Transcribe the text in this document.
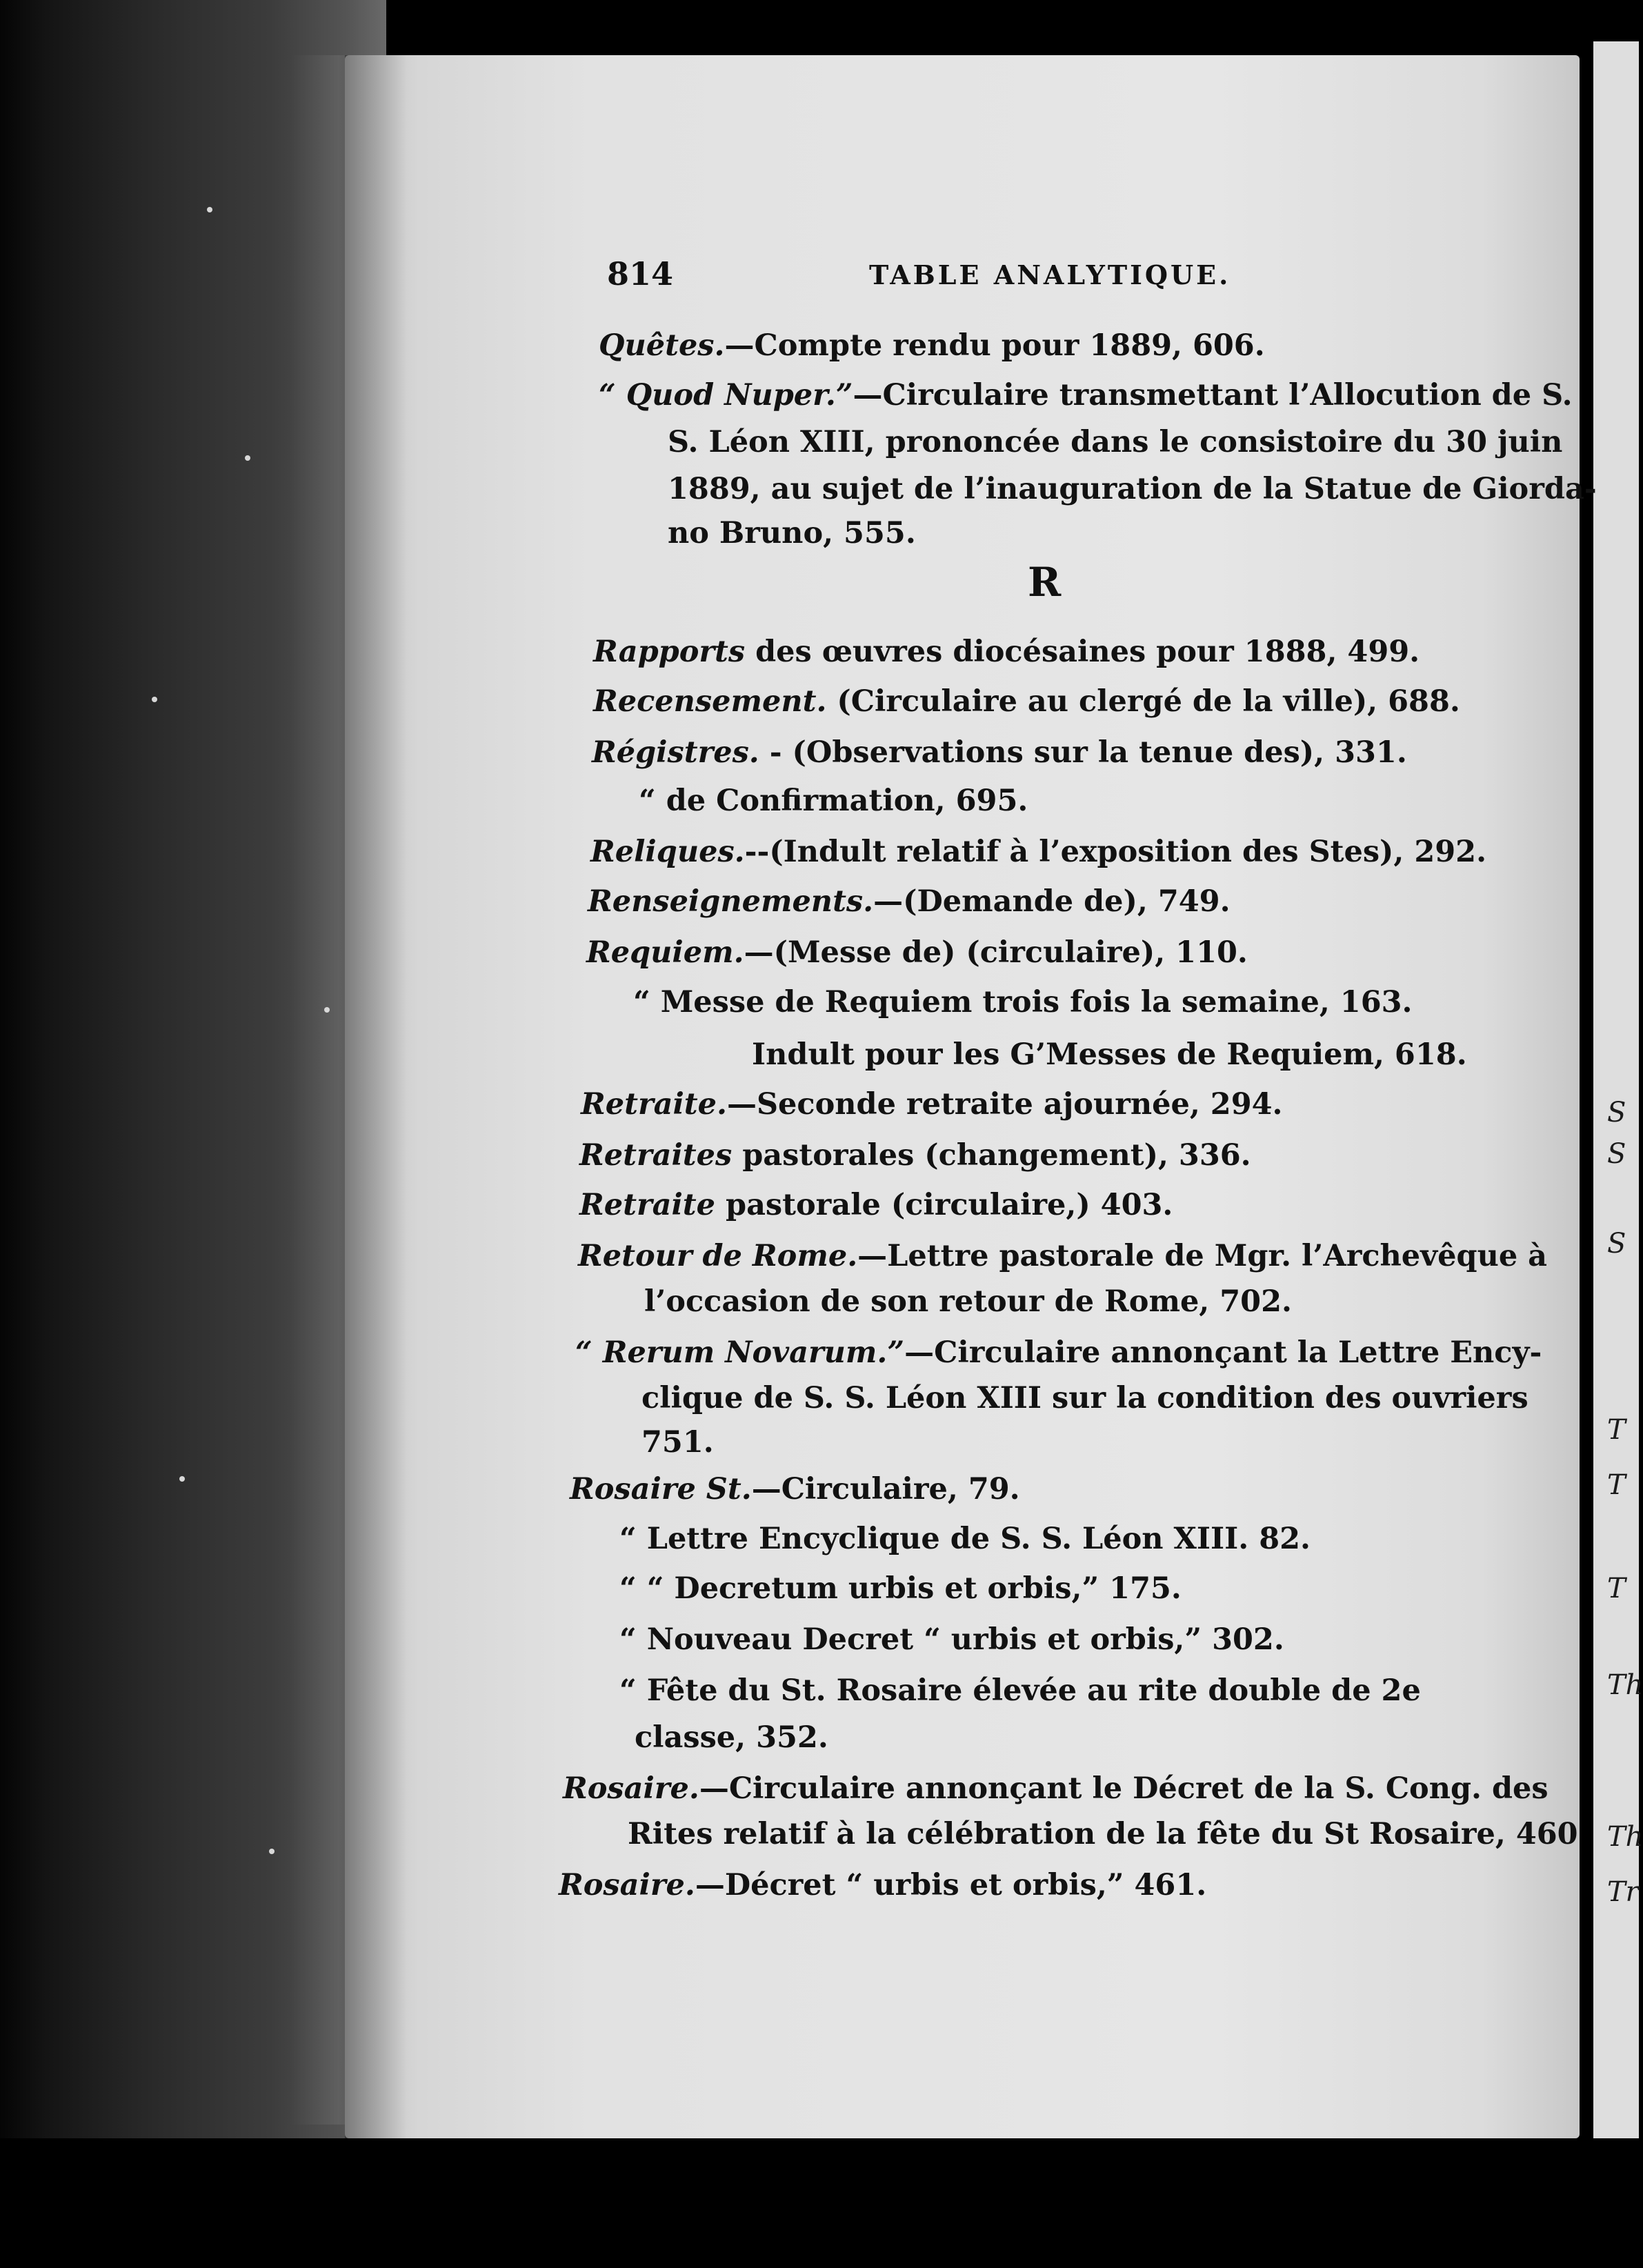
T
T
T
Th
Th
Tr
S
S
S
814	TABLE ANALYTIQUE.
Quêtes.—Compte rendu pour 1889, 606.
“ Quod Nuper.”—Circulaire transmettant l’Allocution de S.
S. Léon XIII, prononcée dans le consistoire du 30 juin
1889, au sujet de l’inauguration de la Statue de Giorda-
no Bruno, 555.
R
Rapports des œuvres diocésaines pour 1888, 499.
Recensement. (Circulaire au clergé de la ville), 688.
Régistres. - (Observations sur la tenue des), 331.
“ de Confirmation, 695.
Reliques.--(Indult relatif à l’exposition des Stes), 292.
Renseignements.—(Demande de), 749.
Requiem.—(Messe de) (circulaire), 110.
“ Messe de Requiem trois fois la semaine, 163.
Indult pour les G’Messes de Requiem, 618.
Retraite.—Seconde retraite ajournée, 294.
Retraites pastorales (changement), 336.
Retraite pastorale (circulaire,) 403.
Retour de Rome.—Lettre pastorale de Mgr. l’Archevêque à
l’occasion de son retour de Rome, 702.
“ Rerum Novarum.”—Circulaire annonçant la Lettre Ency-
clique de S. S. Léon XIII sur la condition des ouvriers
751.
Rosaire St.—Circulaire, 79.
“ Lettre Encyclique de S. S. Léon XIII. 82.
“ “ Decretum urbis et orbis,” 175.
“ Nouveau Decret “ urbis et orbis,” 302.
“ Fête du St. Rosaire élevée au rite double de 2e
classe, 352.
Rosaire.—Circulaire annonçant le Décret de la S. Cong. des
Rites relatif à la célébration de la fête du St Rosaire, 460
Rosaire.—Décret “ urbis et orbis,” 461.
